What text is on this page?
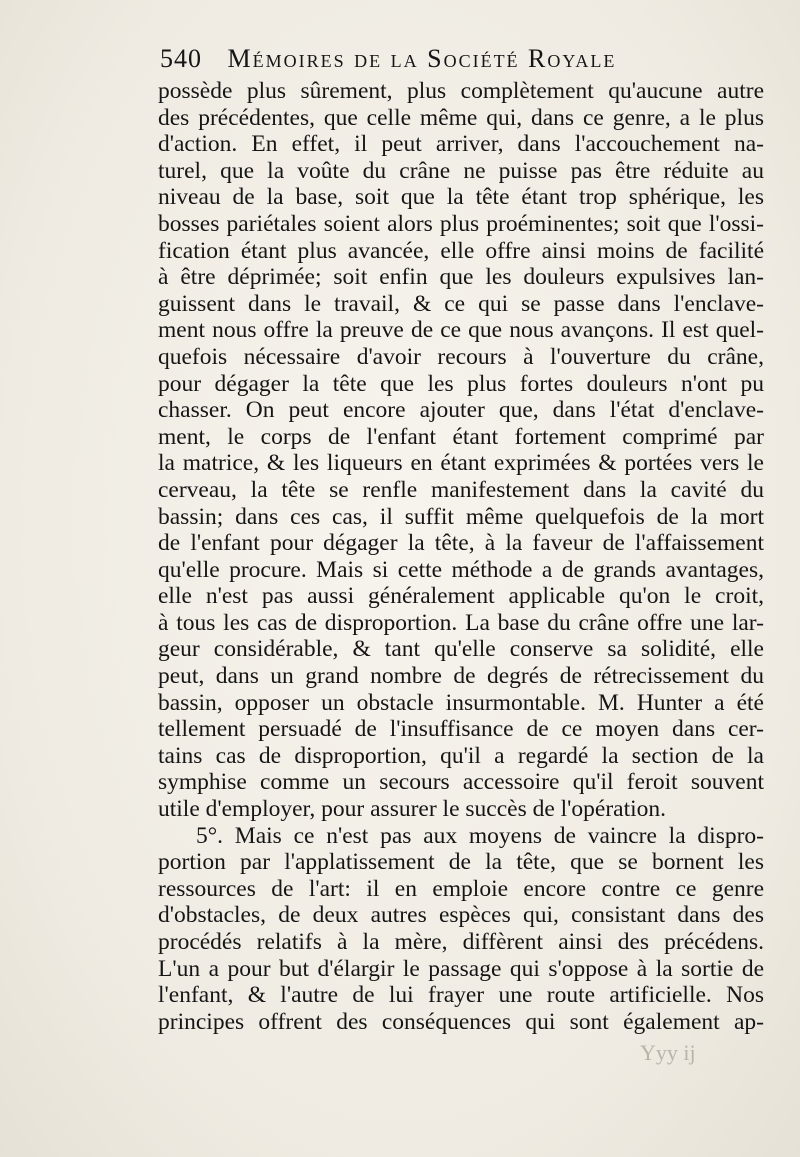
540 Mémoires de la Société Royale
possède plus sûrement, plus complètement qu'aucune autre
des précédentes, que celle même qui, dans ce genre, a le plus
d'action. En effet, il peut arriver, dans l'accouchement na-
turel, que la voûte du crâne ne puisse pas être réduite au
niveau de la base, soit que la tête étant trop sphérique, les
bosses pariétales soient alors plus proéminentes; soit que l'ossi-
fication étant plus avancée, elle offre ainsi moins de facilité
à être déprimée; soit enfin que les douleurs expulsives lan-
guissent dans le travail, & ce qui se passe dans l'enclave-
ment nous offre la preuve de ce que nous avançons. Il est quel-
quefois nécessaire d'avoir recours à l'ouverture du crâne,
pour dégager la tête que les plus fortes douleurs n'ont pu
chasser. On peut encore ajouter que, dans l'état d'enclave-
ment, le corps de l'enfant étant fortement comprimé par
la matrice, & les liqueurs en étant exprimées & portées vers le
cerveau, la tête se renfle manifestement dans la cavité du
bassin; dans ces cas, il suffit même quelquefois de la mort
de l'enfant pour dégager la tête, à la faveur de l'affaissement
qu'elle procure. Mais si cette méthode a de grands avantages,
elle n'est pas aussi généralement applicable qu'on le croit,
à tous les cas de disproportion. La base du crâne offre une lar-
geur considérable, & tant qu'elle conserve sa solidité, elle
peut, dans un grand nombre de degrés de rétrecissement du
bassin, opposer un obstacle insurmontable. M. Hunter a été
tellement persuadé de l'insuffisance de ce moyen dans cer-
tains cas de disproportion, qu'il a regardé la section de la
symphise comme un secours accessoire qu'il feroit souvent
utile d'employer, pour assurer le succès de l'opération.
5°. Mais ce n'est pas aux moyens de vaincre la dispro-
portion par l'applatissement de la tête, que se bornent les
ressources de l'art: il en emploie encore contre ce genre
d'obstacles, de deux autres espèces qui, consistant dans des
procédés relatifs à la mère, diffèrent ainsi des précédens.
L'un a pour but d'élargir le passage qui s'oppose à la sortie de
l'enfant, & l'autre de lui frayer une route artificielle. Nos
principes offrent des conséquences qui sont également ap-
Yyy ij
